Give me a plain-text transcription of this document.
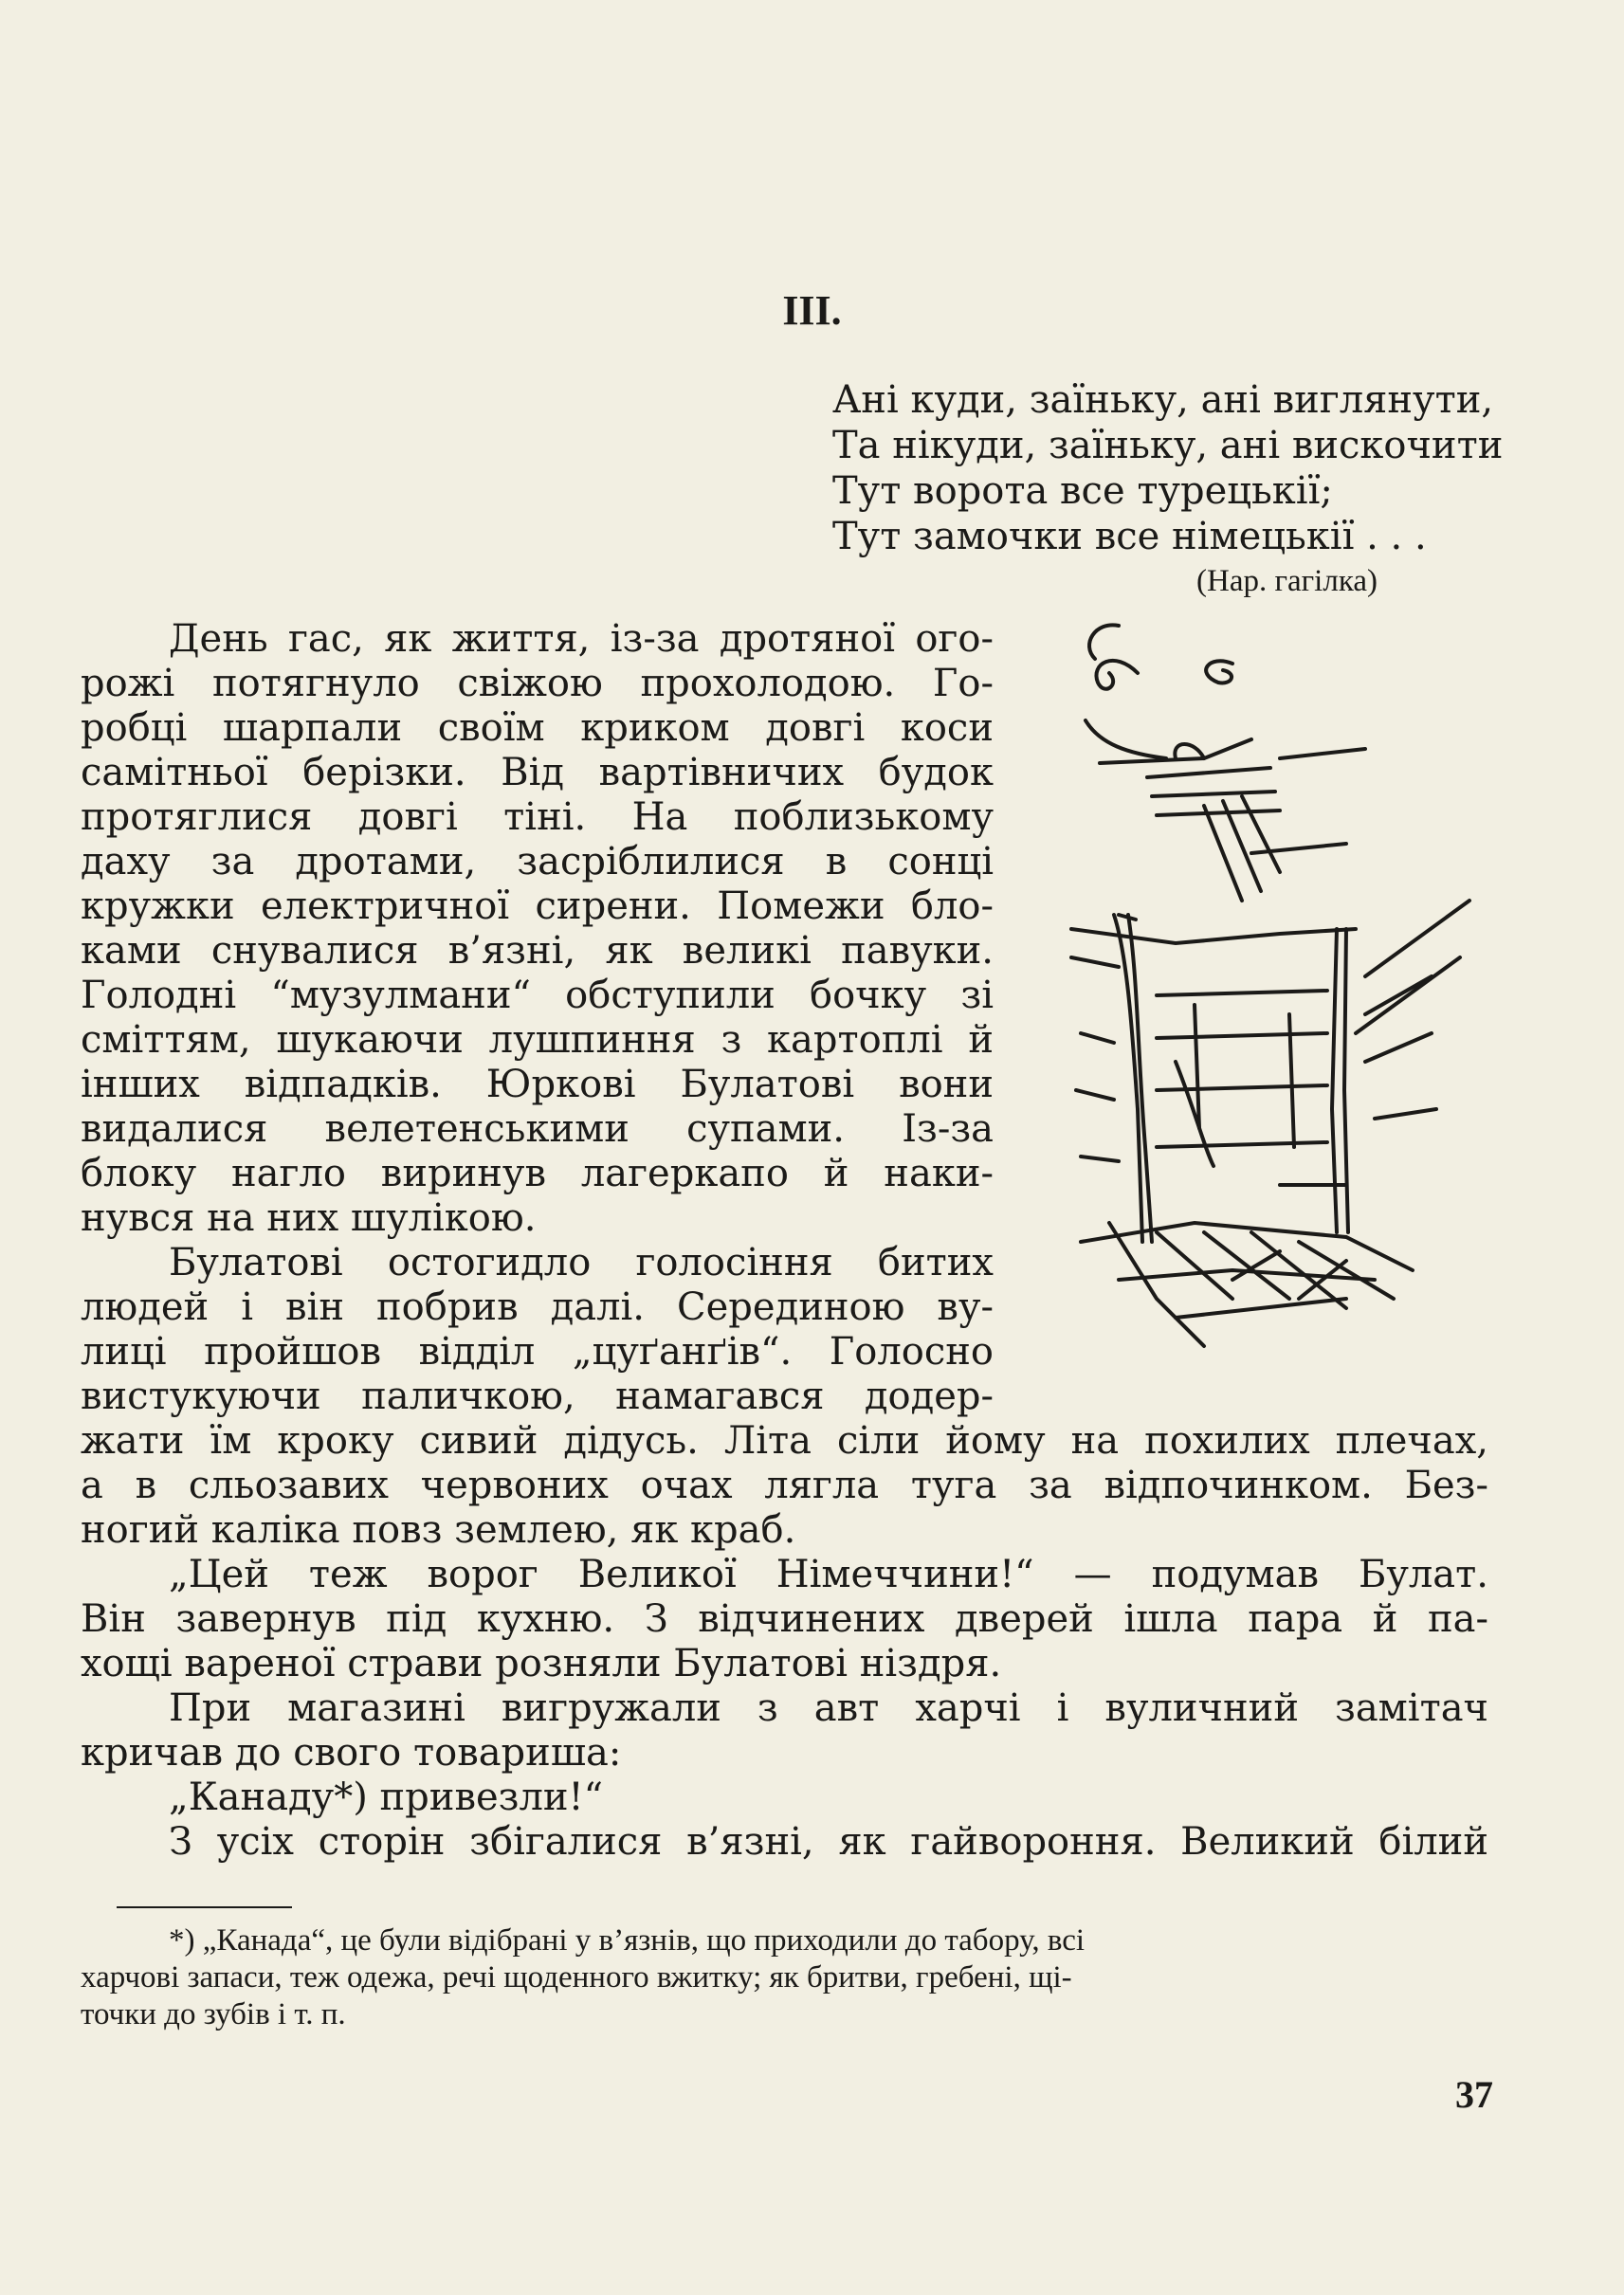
III.
Ані куди, заїньку, ані виглянути,
Та нікуди, заїньку, ані вискочити
Тут ворота все турецькії;
Тут замочки все німецькії . . .
(Нар. гагілка)
День гас, як життя, із-за дротяної ого-
рожі потягнуло свіжою прохолодою. Го-
робці шарпали своїм криком довгі коси
самітньої берізки. Від вартівничих будок
протяглися довгі тіні. На поблизькому
даху за дротами, засріблилися в сонці
кружки електричної сирени. Помежи бло-
ками снувалися в’язні, як великі павуки.
Голодні “музулмани“ обступили бочку зі
сміттям, шукаючи лушпиння з картоплі й
інших відпадків. Юркові Булатові вони
видалися велетенськими супами. Із-за
блоку нагло виринув лагеркапо й наки-
нувся на них шулікою.
Булатові остогидло голосіння битих
людей і він побрив далі. Серединою ву-
лиці пройшов відділ „цуґанґів“. Голосно
вистукуючи паличкою, намагався додер-
жати їм кроку сивий дідусь. Літа сіли йому на похилих плечах,
а в сльозавих червоних очах лягла туга за відпочинком. Без-
ногий каліка повз землею, як краб.
„Цей теж ворог Великої Німеччини!“ — подумав Булат.
Він завернув під кухню. З відчинених дверей ішла пара й па-
хощі вареної страви розняли Булатові ніздря.
При магазині вигружали з авт харчі і вуличний замітач
кричав до свого товариша:
„Канаду*) привезли!“
З усіх сторін збігалися в’язні, як гайвороння. Великий білий
*) „Канада“, це були відібрані у в’язнів, що приходили до табору, всі
харчові запаси, теж одежа, речі щоденного вжитку; як бритви, гребені, щі-
точки до зубів і т. п.
37
